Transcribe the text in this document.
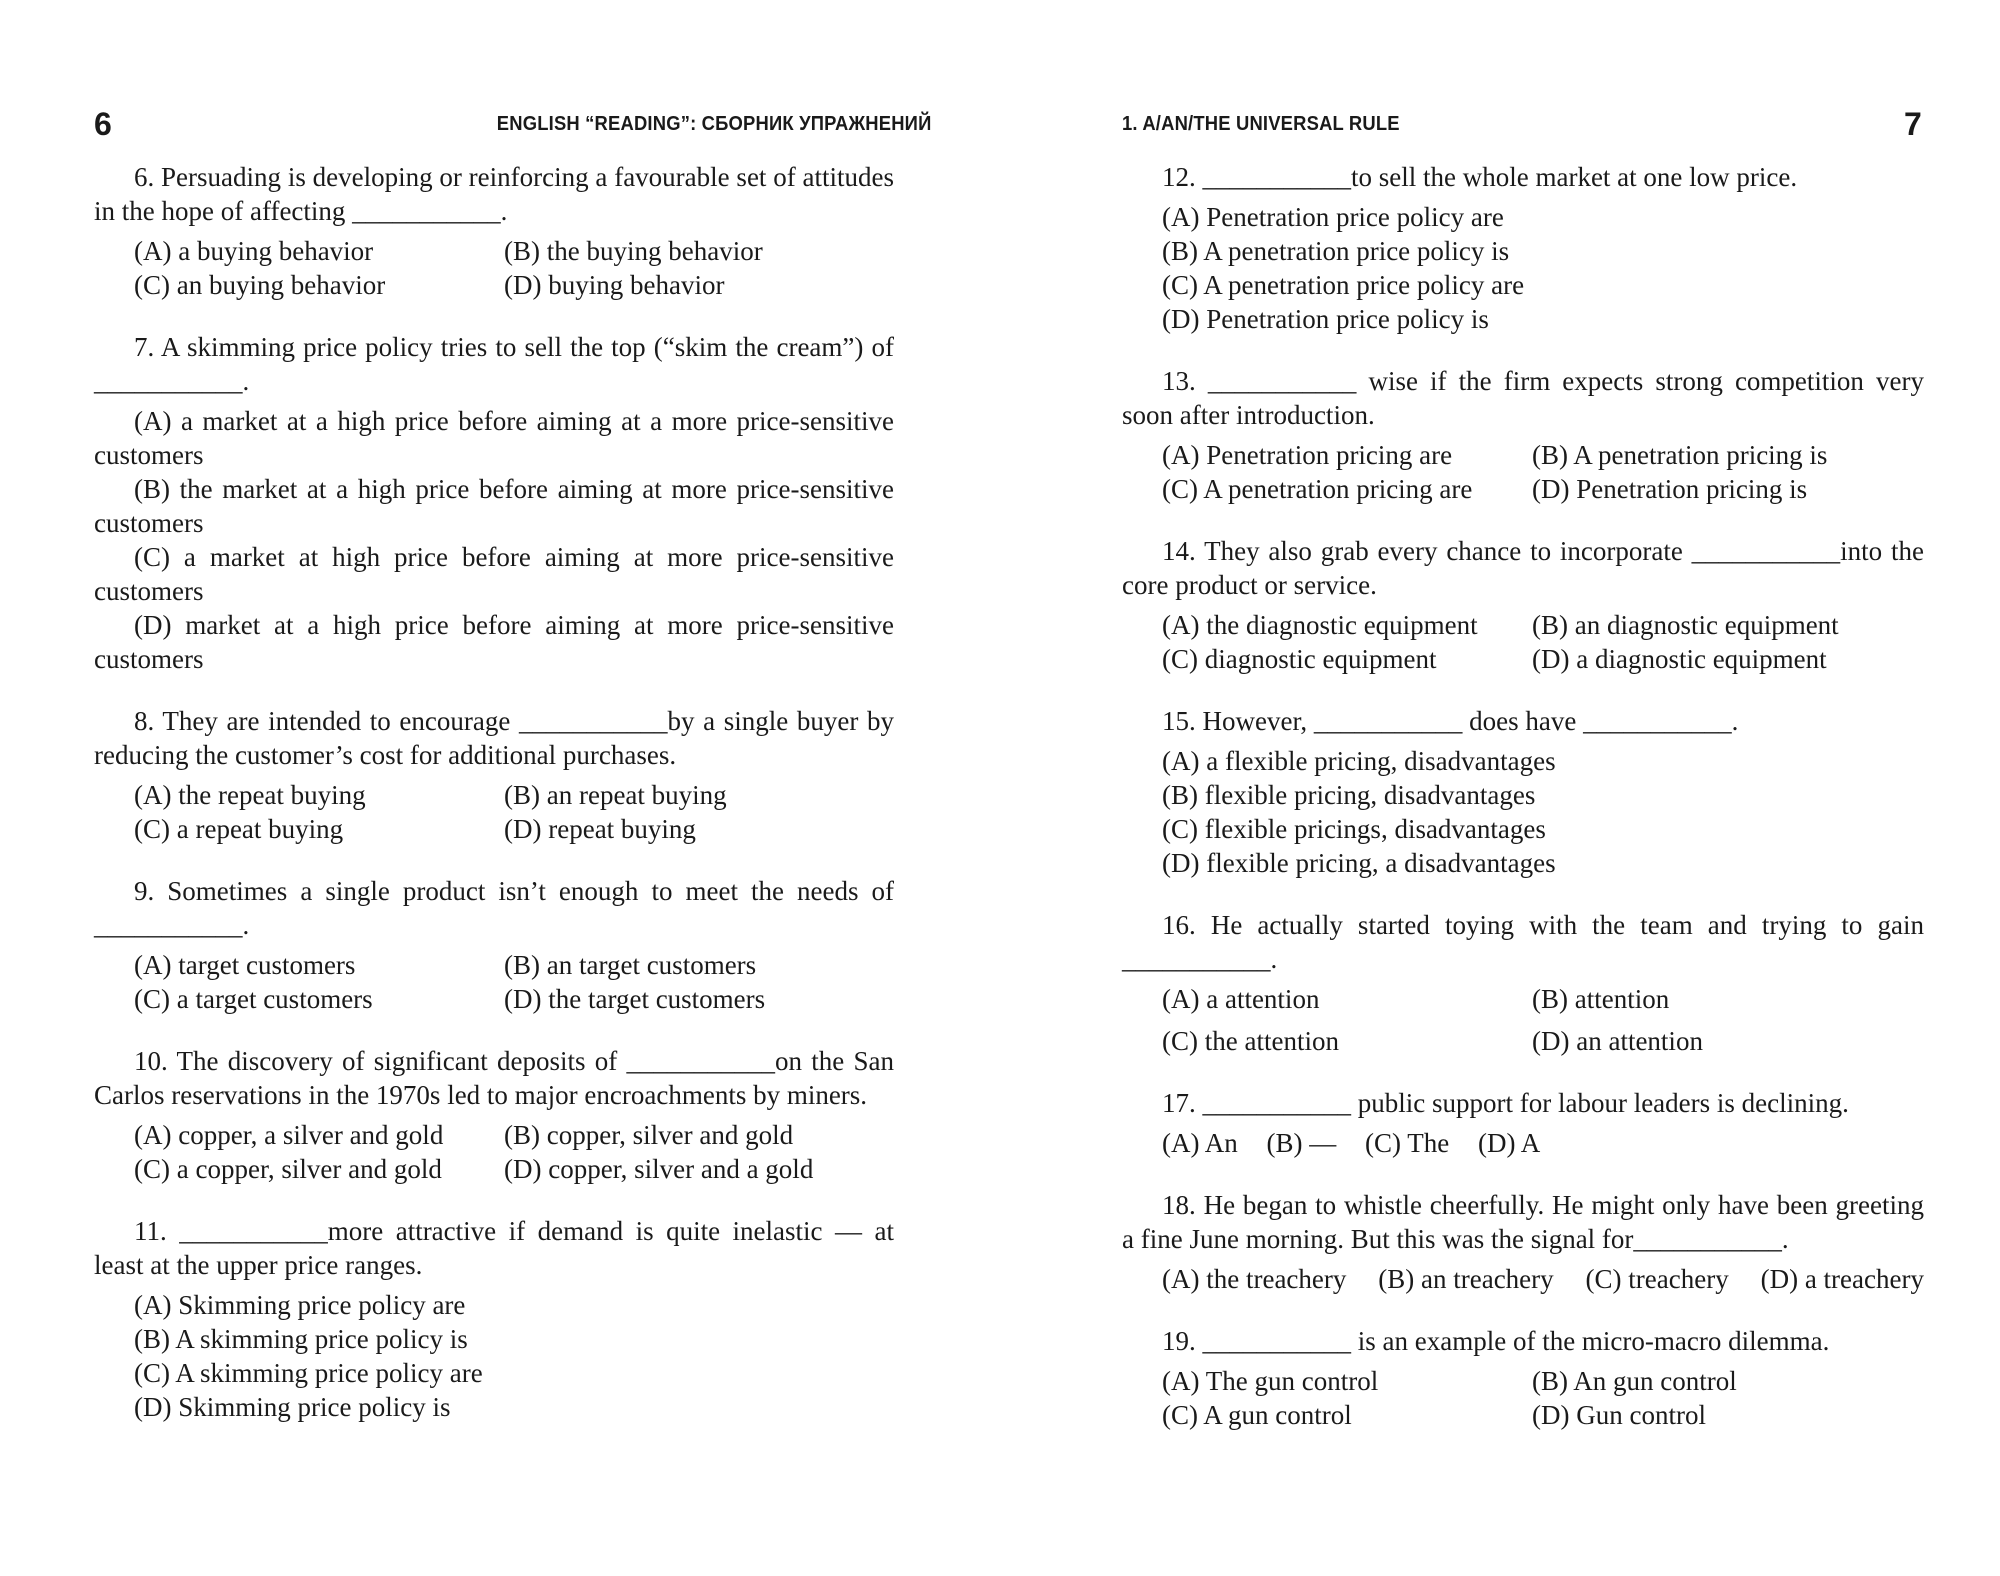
6	ENGLISH “READING”: СБОРНИК УПРАЖНЕНИЙ

6. Persuading is developing or reinforcing a favourable set of attitudes in the hope of affecting ___________.

(A) a buying behavior	(B) the buying behavior
(C) an buying behavior	(D) buying behavior

7. A skimming price policy tries to sell the top (“skim the cream”) of ___________.

(A) a market at a high price before aiming at a more price-sensitive customers
(B) the market at a high price before aiming at more price-sensitive customers
(C) a market at high price before aiming at more price-sensitive customers
(D) market at a high price before aiming at more price-sensitive customers

8. They are intended to encourage ___________by a single buyer by reducing the customer’s cost for additional purchases.

(A) the repeat buying	(B) an repeat buying
(C) a repeat buying	(D) repeat buying

9. Sometimes a single product isn’t enough to meet the needs of ___________.

(A) target customers	(B) an target customers
(C) a target customers	(D) the target customers

10. The discovery of significant deposits of ___________on the San Carlos reservations in the 1970s led to major encroachments by miners.

(A) copper, a silver and gold	(B) copper, silver and gold
(C) a copper, silver and gold	(D) copper, silver and a gold

11. ___________more attractive if demand is quite inelastic — at least at the upper price ranges.

(A) Skimming price policy are
(B) A skimming price policy is
(C) A skimming price policy are
(D) Skimming price policy is
1. A/AN/THE UNIVERSAL RULE	7

12. ___________to sell the whole market at one low price.

(A) Penetration price policy are
(B) A penetration price policy is
(C) A penetration price policy are
(D) Penetration price policy is

13. ___________ wise if the firm expects strong competition very soon after introduction.

(A) Penetration pricing are	(B) A penetration pricing is
(C) A penetration pricing are	(D) Penetration pricing is

14. They also grab every chance to incorporate ___________into the core product or service.

(A) the diagnostic equipment	(B) an diagnostic equipment
(C) diagnostic equipment	(D) a diagnostic equipment

15. However, ___________ does have ___________.

(A) a flexible pricing, disadvantages
(B) flexible pricing, disadvantages
(C) flexible pricings, disadvantages
(D) flexible pricing, a disadvantages

16. He actually started toying with the team and trying to gain ___________.

(A) a attention	(B) attention
(C) the attention	(D) an attention

17. ___________ public support for labour leaders is declining.

(A) An (B) — (C) The (D) A

18. He began to whistle cheerfully. He might only have been greeting a fine June morning. But this was the signal for___________.

(A) the treachery (B) an treachery (C) treachery (D) a treachery

19. ___________ is an example of the micro-macro dilemma.

(A) The gun control	(B) An gun control
(C) A gun control	(D) Gun control
